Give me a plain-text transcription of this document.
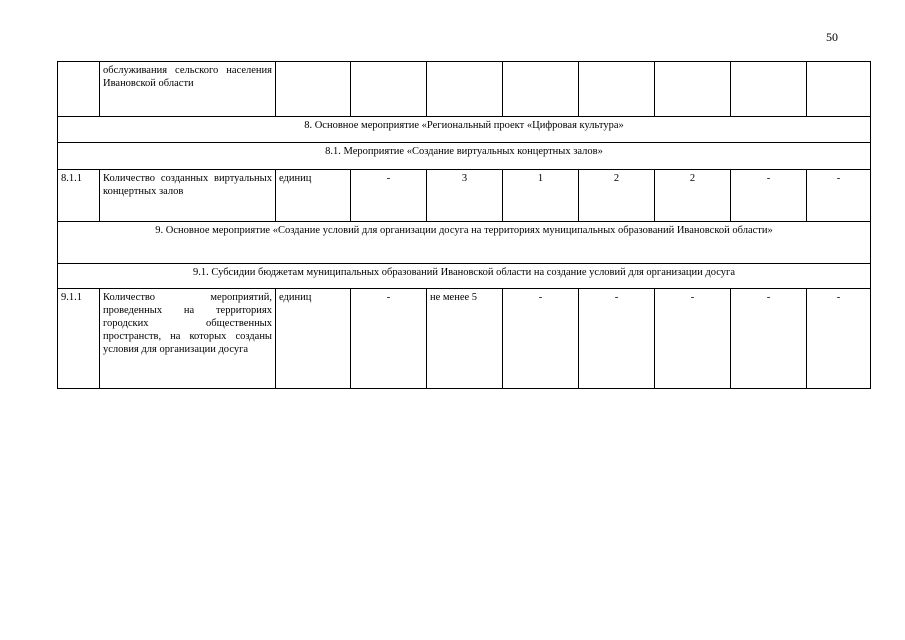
50
	обслуживания сельского населения Ивановской области								
8. Основное мероприятие «Региональный проект «Цифровая культура»									
8.1. Мероприятие «Создание виртуальных концертных залов»									
8.1.1	Количество созданных виртуальных концертных залов	единиц	-	3	1	2	2	-	-
9. Основное мероприятие «Создание условий для организации досуга на территориях муниципальных образований Ивановской области»									
9.1. Субсидии бюджетам муниципальных образований Ивановской области на создание условий для организации досуга									
9.1.1	Количество мероприятий, проведенных на территориях городских общественных пространств, на которых созданы условия для организации досуга	единиц	-	не менее 5	-	-	-	-	-
